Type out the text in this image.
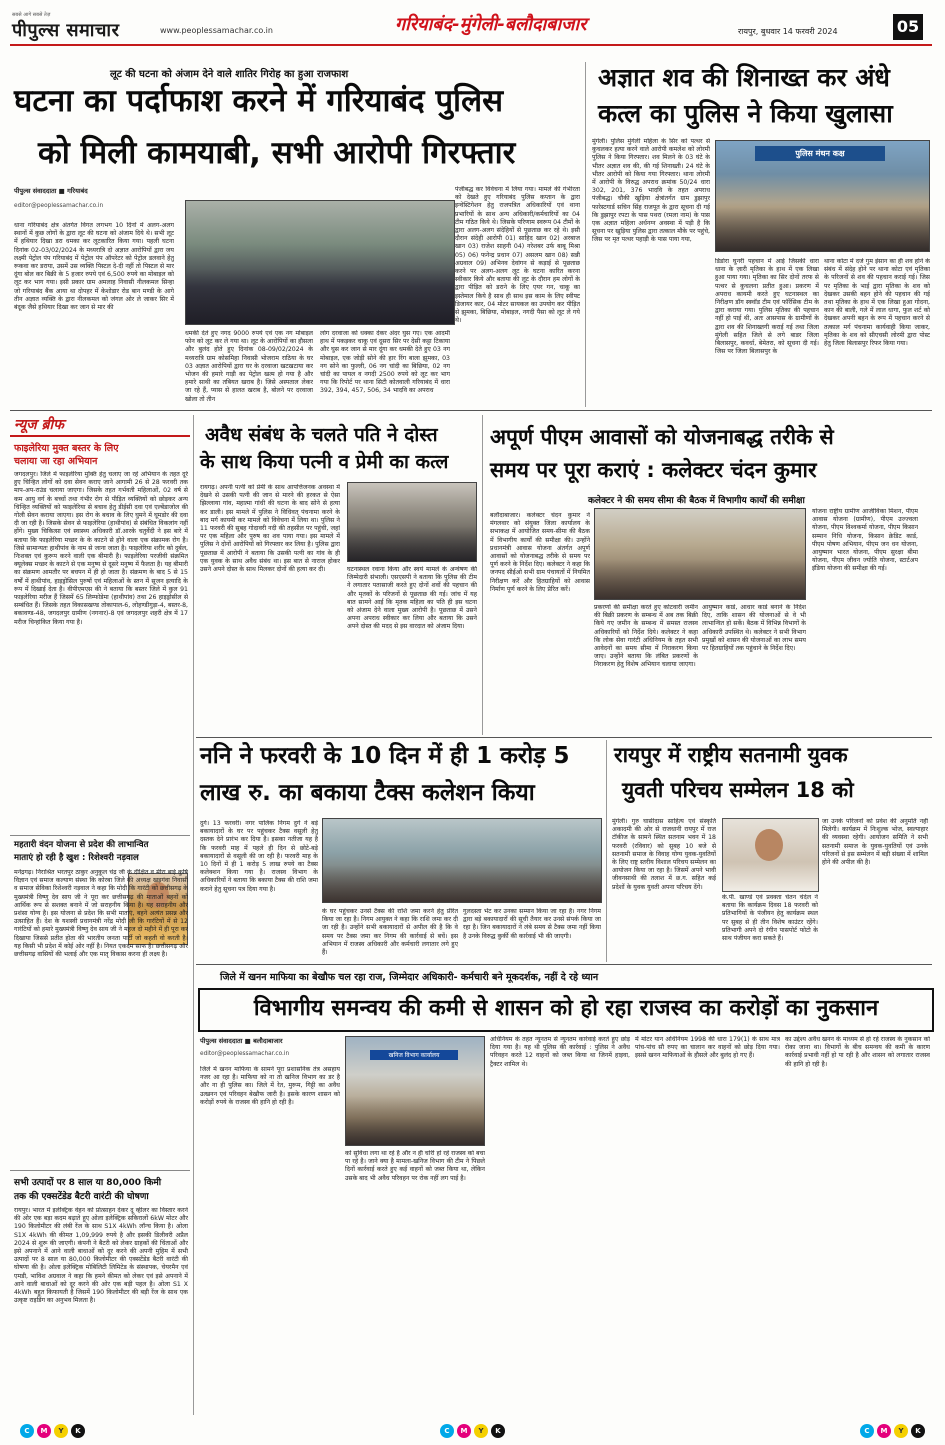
सबसे आगे सबसे तेज़
पीपुल्स समाचार	www.peoplessamachar.co.in	गरियाबंद-मुंगेली-बलौदाबाजार	रायपुर, बुधवार 14 फरवरी 2024	05
लूट की घटना को अंजाम देने वाले शातिर गिरोह का हुआ राजफाश
घटना का पर्दाफाश करने में गरियाबंद पुलिस
को मिली कामयाबी, सभी आरोपी गिरफ्तार
पीपुल्स संवाददाता ■ गरियाबंद
editor@peoplessamachar.co.in
धाना गरियाबंद क्षेत्र अंतर्गत विगत लगभग 10 दिनों में अलग-अलग स्थानों में कुछ लोगों के द्वारा लूट की घटना को अंजाम दिये थे। सभी लूट में हथियार दिखा डरा धमका कर लूटकारित किया गया। पहली घटना दिनांक 02-03/02/2024 के मध्यरात्रि दो अज्ञात आरोपियों द्वारा जय लक्ष्मी पेट्रोल पंप गरियाबंद में पेट्रोल पंप ऑपरेटर को पेट्रोल डलवाने हेतु रूकवा कर डराया, उसमें उस व्यक्ति पिस्टल दे-दी नहीं तो पिस्टल से मार दूंगा बोल कर बिक्री के 5 हजार रुपये एवं 6,500 रुपये का मोबाइल को लूट कर भाग गया। इसी प्रकार ग्राम अमलाह निवासी नीलकमल सिन्हा जो गरियाबंद बैंक आया था दोपहर में केशोडार रोड बान मण्डी के आगे तीन अज्ञात व्यक्ति के द्वारा नीलकमल को जंगल ओर ले जाकर सिर में बंदूक जैसे हथियार दिखा कर जान से मार की
धमकी देते हुए नगद 9000 रुपये एवं एक नग मोबाइल फोन को लूट कर ले गया था। लूट के आरोपियों का हौसला और बुलंद होते हुए दिनांक 08-09/02/2024 के मध्यरात्रि ग्राम कोसमिहा निवासी भोजराम राठिया के घर 03 अज्ञात आरोपियों द्वारा घर के दरवाजा खटखटाया कर भोजन की हमारे गाड़ी का पेट्रोल खत्म हो गया है और हमारे साथी का तबियत खराब है। जिसे अस्पताल लेकर जा रहे हैं, प्यास से हालत खराब है, बोलने पर दरवाजा खोला तो तीन
लोग दरवाजा को धक्का देकर अंदर घुस गए। एक आदमी हाथ में पकड़कर चाकू एवं दूसरा सिर पर देसी कट्टा टिकाया और घुस कर जान से मार दूंगा कर धमकी देते हुए 03 नग मोबाइल, एक जोड़ी सोने की हार रिंग बाला झुमका, 03 नग सोने का फुल्ली, 06 नग चांदी का बिछिया, 02 नग चांदी का पायल व नगदी 2500 रुपये को लूट कर भाग गया कि रिपोर्ट पर थाना सिटी कोतवाली गरियाबंद में धारा 392, 394, 457, 506, 34 भादवि का अपराध
पंजीबद्ध कर विवेचना में लिया गया। मामले की गंभीरता को देखते हुए गरियाबंद पुलिस कप्तान के द्वारा इन्वेस्टिगेशन हेतु राजपत्रित अधिकारियों एवं थाना प्रभारियों के साथ अन्य अधिकारी/कर्मचारियों का 04 टीम गठित किये थे। जिसके परिणाम स्वरूप 04 टीमों के द्वारा अलग-अलग संदेहियों से पूछताछ कर रहे थे। इसी दौरान संदेही आरोपी 01) साहिद खान 02) अरबाज खान 03) राजेश साहनी 04) नरेशबर उर्फ बाबू मिश्रा 05) 06) फनेन्द्र प्रधान 07) असलम खान 08) सन्नी अग्रवाल 09) अभिनव देवांगन से कड़ाई से पूछताछ करने पर अलग-अलग लूट के घटना कारित करना स्वीकार किये और बताया की लूट के दौरान हम लोगों के द्वारा पीड़ित को डराने के लिए एयर गन, चाकू का इस्तेमाल किये है साथ ही साथ इस काम के लिए स्वीफ्ट डिजायर कार, 04 मोटर सायकल का उपयोग कर पीड़ित से झुमका, बिछिया, मोबाइल, नगदी पैसा को लूट ले गये थे।
अज्ञात शव की शिनाख्त कर अंधे
कत्ल का पुलिस ने किया खुलासा
मुंगेली। पुलिस मुंगेली महिला के सिर को पत्थर से कुचलकर हत्या करने वाले आरोपी कमलेश को लोरमी पुलिस ने किया गिरफ्तार। शव मिलने के 03 घंटे के भीतर अज्ञात शव की, की गई शिनाख्ती। 24 घंटे के भीतर आरोपी को किया गया गिरफ्तार। थाना लोरमी में आरोपी के विरुद्ध अपराध क्रमांक 50/24 धारा 302, 201, 376 भादवि के तहत अपराध पंजीबद्ध। चौकी खुड़िया क्षेत्रांतर्गत ग्राम डुझापुर फारेस्टगार्ड सचिन सिंह राजपूत के द्वारा सूचना दी गई कि डुझापुर रपटा के पास पथरा (रमला नाम) के पास एक अज्ञात महिला अर्धनग्न अवस्था में पड़ी है कि सूचना पर खुड़िया पुलिस द्वारा तत्काल मौके पर पहुंचे, जिस पर मृत पत्थर पहाड़ी के पास पाया गया,
पुलिस मंथन कक्ष
डिंडोरा घुनरी पहचान में आई जिसकी धारा धाना के ज़ारी मृतिका के हाथ में एक लिखा हुआ पाया गया। मृतिका का सिर दोनों तरफ से पत्थर से कुचलना प्रतीत हुआ। प्रकरण में अपराध कायमी करते हुए घटनास्थल का निरीक्षण डॉग स्क्वॉड टीम एवं फॉरेंसिक टीम के द्वारा कराया गया। पुलिस मृतिका की पहचान नहीं हो पाई थी, अतः आसपास के ग्रामीणों के द्वारा शव की शिनाख्तगी कराई गई तथा जिला मुंगेली सहित जिले से लगे बाडर जिला बिलासपुर, कवर्धा, बेमेतरा, को सूचना दी गई। जिस पर जिला बिलासपुर के
थाना कोटा में दर्ज गुम इंसान का ही शव होने के संबंध में संदेह होने पर थाना कोटा एवं मृतिका के परिजनों से शव की पहचान कराई गई। जिस पर मृतिका के भाई द्वारा मृतिका के शव को देखकर उसकी बहन होने की पहचान की गई तथा मृतिका के हाथ में एक लिखा हुआ गोदना, कान की बाली, गले में लाल धागा, फुल शर्ट को देखकर अपनी बहन के रूप में पहचान करने से तत्काल मर्ग पंचनामा कार्यवाही किया जाकर, मृतिका के शव को सीएचसी लोरमी द्वारा पोस्ट हेतु जिला बिलासपुर रिफर किया गया।
न्यूज ब्रीफ
फाइलेरिया मुक्त बस्तर के लिए
चलाया जा रहा अभियान
जगदलपुर। जिले में फाइलेरिया मुक्ति हेतु चलाए जा रहे अभियान के तहत दूरे हुए चिन्हित लोगों को दवा सेवन कराए जाने आगामी 26 से 28 फरवरी तक माप-अप-राउंड चलाया जाएगा। जिसके तहत गर्भवती महिलाओं, 02 वर्ष से कम आयु वर्ग के बच्चों तथा गंभीर रोग से पीड़ित व्यक्तियों को छोड़कर अन्य चिन्हित व्यक्तियों को फाइलेरिया से बचाव हेतु डीईसी दवा एवं एल्बेंडाजोल की गोली सेवन कराया जाएगा। इस रोग के बचाव के लिए घुमने में घूमडोर की दवा दी जा रही है। जिसके सेवन से फाइलेरिया (हाथीपांव) से संबंधित विकलांग नहीं होंगे। मुख्य चिकित्सा एवं स्वास्थ्य अधिकारी डॉ.आरके चतुर्वेदी ने इस बारे में बताया कि फाइलेरिया मच्छर के के काटने से होने वाला एक संक्रामक रोग है। जिसे सामान्यतः हाथीपांव के नाम से जाना जाता है। फाइलेरिया शरीर को दुर्बल, निःशक्त एवं कुरूप करने वाली एक बीमारी है। फाइलेरिया परजीवी संक्रमित क्यूलेक्स मच्छर के काटने से एक मनुष्य से दूसरे मनुष्य में फैलता है। यह बीमारी का संक्रमण आमतौर पर बचपन में ही हो जाता है। संक्रमण के बाद 5 से 15 वर्षों में हाथीपांव, हाइड्रोसिल पुरुषों एवं महिलाओं के स्तन में सूजन इत्यादि के रूप में दिखाई देता है। वीपीएमएस की ने बताया कि बस्तर जिले में कुल 91 फाइलेरिया मरीज हैं जिसमें 65 लिम्फोडेमा (हाथीपांव) तथा 26 हाइड्रोसील से सम्बंधित हैं। जिसके तहत विकासखण्ड तोकापाल-6, लोहण्डीगुड़ा-4, बस्तर-8, बकावण्ड-48, जगदलपुर ग्रामीण (नगनार)-8 एवं जगदलपुर शहरी क्षेत्र में 17 मरीज चिन्हांकित किया गया है।
महतारी वंदन योजना से प्रदेश की लाभान्वित
माताएं हो रही है खुश : रिशेश्वरी नड़वाल
मनेंद्रगढ़। निराश्रित भरतपुर ठाकुर अनुकूल चंद्र जी के दीक्षित व मीरा बाई कुषि विज्ञान एवं समाज कल्याण संस्था कि कोरबा जिले की अध्यक्ष खड़गंवा निवासी व समाज सेविका रिशेश्वरी नड़वाल ने कहा कि मोदी कि गारंटी को छत्तीसगढ़ के मुख्यमंत्री विष्णु देव साय जी ने पूरा कर छत्तीसगढ़ की माताओं बहनों को आर्थिक रूप से सशक्त बनाने में जो सराहनीय किया है। यह सराहनीय और प्रशंसा योग्य है। इस योजना से प्रदेश कि सभी माताएं, बहने अत्यंत प्रसन्न और उत्साहित हैं। देश के यशस्वी प्रधानमंत्री नरेंद्र मोदी जी कि गारंटियों में से 12 गारंटियों को हमारे मुख्यमंत्री विष्णु देव साय जी ने महज दो महीने में ही पूरा कर दिखाया जिससे प्रतीत होता की भारतीय जनता पार्टी जो कहती वो करती है। यह किसी भी प्रदेश में कोई ओर नहीं है। नियत एकदम साफ है। छत्तीसगढ़ और छत्तीसगढ़ वासियों की भलाई और एक मातृ विकास करना ही लक्ष्य है।
सभी उत्पादों पर 8 साल या 80,000 किमी
तक की एक्सटेंडेड बैटरी वारंटी की घोषणा
रायपुर। भारत में इलेक्ट्रिक वेहन को प्रोत्साहन देकर दू व्हीलर का विस्तार करने की ओर एक बड़ा कदम बढ़ाते हुए ओला इलेक्ट्रिक सकिरालों 6kW मोटर और 190 किलोमीटर की लंबी रेंज के साथ S1X 4kWh लॉन्च किया है। ओला S1X 4kWh की कीमत 1,09,999 रुपये है और इसकी डिलीवरी अप्रैल 2024 से शुरू की जाएगी। कंपनी ने बैटरी को लेकर ग्राहकों की चिंताओं और इसे अपनाने में आने वाली बाधाओं को दूर करने की अपनी मुहिम में सभी उत्पादों पर 8 साल या 80,000 किलोमीटर की एक्सटेंडेड बैटरी वारंटी की घोषणा की है। ओला इलेक्ट्रिक मोबिलिटी लिमिटेड के संस्थापक, चेयरमैन एवं एमडी, भाविश अग्रवाल ने कहा कि हमने कीमत को लेकर एवं इसे अपनाने में आने वाली बाधाओं को दूर करने की ओर एक बड़ी पहल है। ओला S1 X 4kWh बहुत किफायती है जिसमें 190 किलोमीटर की बड़ी रेंज के साथ एक उत्कृष्ट राइडिंग का अनुभव मिलता है।
अवैध संबंध के चलते पति ने दोस्त
के साथ किया पत्नी व प्रेमी का कत्ल
रायगढ़। अपनी पत्नी को प्रेमी के साथ आपत्तिजनक अवस्था में देखने से उसकी पत्नी की जान से मारने की हरकत से ऐसा झिल्लाया गांव, महात्मा गांधी की घटना के बाद सोने से हत्या कर डाली। इस मामले में पुलिस ने विधिवत् पंचनामा करने के बाद मर्ग कायमी कर मामले को विवेचना में लिया था। पुलिस ने 11 फरवरी की सुबह गोदावरी नदी की तहसील पर पहुंची, जहां पर एक महिला और पुरुष का शव पाया गया। इस मामले में पुलिस ने दोनों आरोपियों को गिरफ्तार कर लिया है। पुलिस द्वारा पूछताछ में आरोपी ने बताया कि उसकी पत्नी का गांव के ही एक युवक के साथ अवैध संबंध था। इस बात से नाराज होकर उसने अपने दोस्त के साथ मिलकर दोनों की हत्या कर दी।	घटनास्थल रवाना किया और स्वयं मामले के अन्वेषण की जिम्मेदारी संभाली। एसएसपी ने बताया कि पुलिस की टीम ने लगातार पतासाजी करते हुए दोनों शवों की पहचान की और मृतकों के परिजनों से पूछताछ की गई। जांच में यह बात सामने आई कि मृतक महिला का पति ही इस घटना को अंजाम देने वाला मुख्य आरोपी है। पूछताछ में उसने अपना अपराध स्वीकार कर लिया और बताया कि उसने अपने दोस्त की मदद से इस वारदात को अंजाम दिया।
अपूर्ण पीएम आवासों को योजनाबद्ध तरीके से
समय पर पूरा कराएं : कलेक्टर चंदन कुमार
कलेक्टर ने की समय सीमा की बैठक में विभागीय कार्यों की समीक्षा
बलौदाबाजार। कलेक्टर चंदन कुमार ने मंगलवार को संयुक्त जिला कार्यालय के सभाकक्ष में आयोजित समय-सीमा की बैठक में विभागीय कार्यों की समीक्षा की। उन्होंने प्रधानमंत्री आवास योजना अंतर्गत अपूर्ण आवासों को योजनाबद्ध तरीके से समय पर पूर्ण करने के निर्देश दिए। कलेक्टर ने कहा कि जनपद सीईओ सभी ग्राम पंचायतों में नियमित निरीक्षण करें और हितग्राहियों को आवास निर्माण पूर्ण करने के लिए प्रेरित करें।
प्रकरणों की समीक्षा करते हुए कोटवारी जमीन की बिक्री प्रकरण के सम्बन्ध में अब तक बिक्री किये गए जमीन के सम्बन्ध में समस्त राजस्व अधिकारियों को निर्देश दिये। कलेक्टर ने कहा कि लोक सेवा गारंटी अधिनियम के तहत सभी आवेदनों का समय सीमा में निराकरण किया जाए। उन्होंने बताया कि लंबित प्रकरणों के निराकरण हेतु विशेष अभियान चलाया जाएगा।
आयुष्मान कार्ड, आधार कार्ड बनाने के निर्देश दिए, ताकि शासन की योजनाओं से वे भी लाभान्वित हो सकें। बैठक में विभिन्न विभागों के अधिकारी उपस्थित थे। कलेक्टर ने सभी विभाग प्रमुखों को शासन की योजनाओं का लाभ समय पर हितग्राहियों तक पहुंचाने के निर्देश दिए।
योजना राष्ट्रीय ग्रामीण आजीविका मिशन, पीएम आवास योजना (ग्रामीण), पीएम उज्ज्वला योजना, पीएम विश्वकर्मा योजना, पीएम किसान सम्मान निधि योजना, किसान क्रेडिट कार्ड, पीएम पोषण अभियान, पीएम जन धन योजना, आयुष्मान भारत योजना, पीएम सुरक्षा बीमा योजना, पीएम जीवन ज्योति योजना, स्टार्टअप इंडिया योजना की समीक्षा की गई।
ननि ने फरवरी के 10 दिन में ही 1 करोड़ 5
लाख रु. का बकाया टैक्स कलेशन किया
दुर्ग। 13 फरवरी। नगर पालिक निगम दुर्ग ने बड़े बकायादारों के घर पर पहुंचकर टैक्स वसूली हेतु दस्तक देने प्रारंभ कर दिया है। इसका नतीजा यह है कि फरवरी माह में पहले ही दिन से छोटे-बड़े बकायादारों से वसूली की जा रही है। फरवरी माह के 10 दिनों में ही 1 करोड़ 5 लाख रुपये का टैक्स कलेक्शन किया गया है। राजस्व विभाग के अधिकारियों ने बताया कि बकाया टैक्स की राशि जमा कराने हेतु सूचना पत्र दिया गया है।
के घर पहुंचकर उनसे टैक्स की राशि जमा करने हेतु प्रेरित किया जा रहा है। निगम आयुक्त ने कहा कि राशि जमा कर दी जा रही है। उन्होंने सभी बकायादारों से अपील की है कि वे समय पर टैक्स जमा कर निगम की कार्रवाई से बचें। इस अभियान में राजस्व अधिकारी और कर्मचारी लगातार लगे हुए हैं।
गुलदस्ता भेंट कर उनका सम्मान किया जा रहा है। नगर निगम द्वारा बड़े बकायादारों की सूची तैयार कर उनसे संपर्क किया जा रहा है। जिन बकायादारों ने लंबे समय से टैक्स जमा नहीं किया है उनके विरुद्ध कुर्की की कार्रवाई भी की जाएगी।
रायपुर में राष्ट्रीय सतनामी युवक
युवती परिचय सम्मेलन 18 को
मुंगेली। गुरु घासीदास साहित्य एवं संस्कृति अकादमी की ओर से राजधानी रायपुर में राज टॉकीज के सामने स्थित सतनाम भवन में 18 फरवरी (रविवार) को सुबह 10 बजे से सतनामी समाज के विवाह योग्य युवक-युवतियों के लिए राष्ट्र स्तरीय विशाल परिचय सम्मेलन का आयोजन किया जा रहा है। जिसमें अपने भावी जीवनसाथी की तलाश में छ.ग. सहित कई प्रदेशों के युवक युवती अपना परिचय देंगे।
के.पी. खाण्डे एवं प्रवक्ता चेतन चंदेल ने बताया कि कार्यक्रम दिवस 18 फरवरी को प्रतिभागियों के पंजीयन हेतु कार्यक्रम स्थल पर सुबह से ही तीन विशेष काउंटर रहेंगे। प्रतिभागी अपने दो रंगीन पासपोर्ट फोटो के साथ पंजीयन करा सकते हैं।
जा उनके परिजनों को प्रवेश की अनुमति नहीं मिलेगी। कार्यक्रम में निःशुल्क भोज, स्वल्पाहार की व्यवस्था रहेगी। आयोजन समिति ने सभी सतनामी समाज के युवक-युवतियों एवं उनके परिजनों से इस सम्मेलन में बड़ी संख्या में शामिल होने की अपील की है।
जिले में खनन माफिया का बेखौफ चल रहा राज, जिम्मेदार अधिकारी- कर्मचारी बने मूकदर्शक, नहीं दे रहे ध्यान
विभागीय समन्वय की कमी से शासन को हो रहा राजस्व का करोड़ों का नुकसान
पीपुल्स संवाददाता ■ बलौदाबाजार
editor@peoplessamachar.co.in
जिले में खनन माफिया के सामने पूरा प्रशासनिक तंत्र असहाय नजर आ रहा है। माफिया को ना तो खनिज विभाग का डर है और ना ही पुलिस का। जिले में रेत, मुरूम, गिट्टी का अवैध उत्खनन एवं परिवहन बेखौफ जारी है। इसके कारण शासन को करोड़ों रुपये के राजस्व की हानि हो रही है।
खनिज विभाग कार्यालय
को सुविधा लगा था रहे है और न ही चोरी हो रहे राजस्व को बचा पा रहे है। जाने क्या है मामला-खनिज विभाग की टीम ने पिछले दिनों कार्रवाई करते हुए कई वाहनों को जब्त किया था, लेकिन उसके बाद भी अवैध परिवहन पर रोक नहीं लग पाई है।
अधिनियम के तहत न्यूनतम से न्यूनतम कार्रवाई करते हुए छोड़ दिया गया है। यह थी पुलिस की कार्रवाई : पुलिस ने अवैध परिवहन करते 12 वाहनों को जब्त किया था जिनमें हाइवा, ट्रैक्टर शामिल थे।
में मोटर यान अधिनियम 1998 की धारा 179(1) के साथ मात्र पांच-पांच सौ रुपए का चालान कर वाहनों को छोड़ दिया गया। इससे खनन माफियाओं के हौसले और बुलंद हो गए हैं।
का उद्देश्य अवैध खनन के माध्यम से हो रहे राजस्व के नुकसान को रोका जाना था। विभागों के बीच समन्वय की कमी के कारण कार्रवाई प्रभावी नहीं हो पा रही है और शासन को लगातार राजस्व की हानि हो रही है।
C	M	Y	K	C	M	Y	K	C	M	Y	K
